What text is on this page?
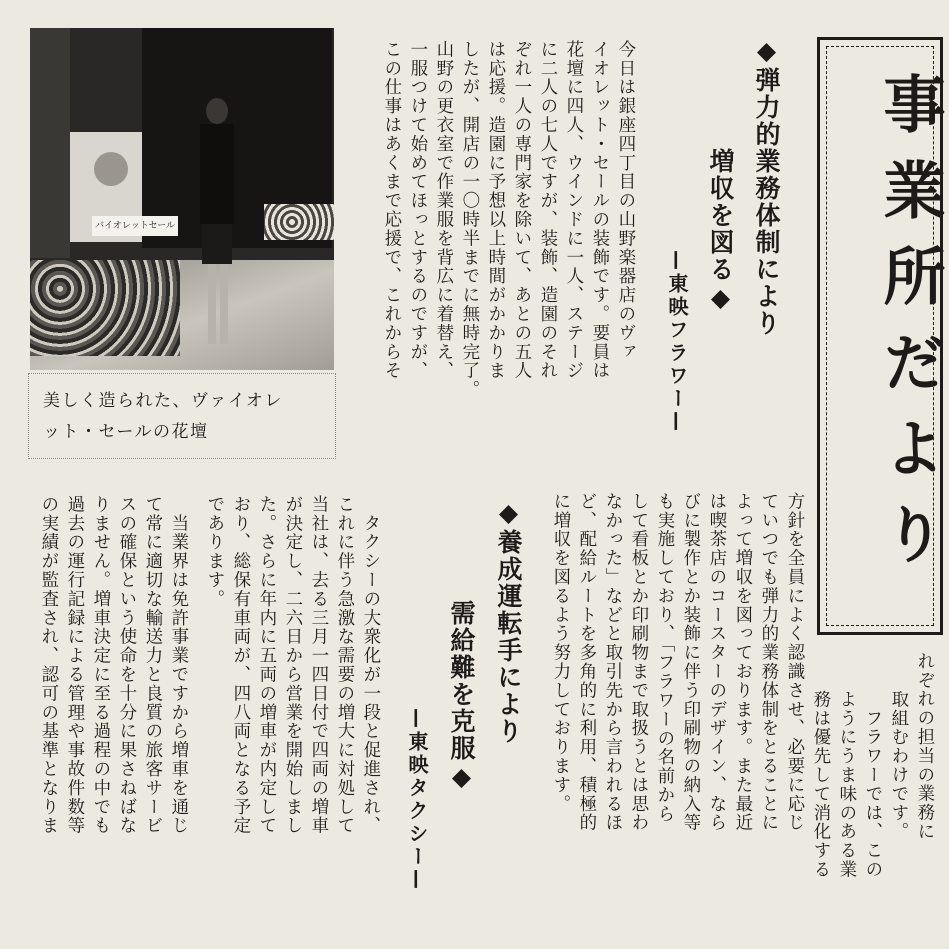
バイオレットセール

美しく造られた、ヴァイオレット・セールの花壇	事業所だより

◆弾力的業務体制により

増収を図る◆

—東映フラワー—

今日は銀座四丁目の山野楽器店のヴァ

イオレット・セールの装飾です。要員は

花壇に四人、ウインドに一人、ステージ

に二人の七人ですが、装飾、造園のそれ

ぞれ一人の専門家を除いて、あとの五人

は応援。造園に予想以上時間がかかりま

したが、開店の一〇時半までに無時完了。

山野の更衣室で作業服を背広に着替え、

一服つけて始めてほっとするのですが、

この仕事はあくまで応援で、これからそ

れぞれの担当の業務に

取組むわけです。

　フラワーでは、この

ようにうま味のある業

務は優先して消化する

方針を全員によく認識させ、必要に応じ

ていつでも弾力的業務体制をとることに

よって増収を図っております。また最近

は喫茶店のコースターのデザイン、なら

びに製作とか装飾に伴う印刷物の納入等

も実施しており、「フラワーの名前から

して看板とか印刷物まで取扱うとは思わ

なかった」などと取引先から言われるほ

ど、配給ルートを多角的に利用、積極的

に増収を図るよう努力しております。

◆養成運転手により

需給難を克服◆

—東映タクシー—

　タクシーの大衆化が一段と促進され、

これに伴う急激な需要の増大に対処して

当社は、去る三月一四日付で四両の増車

が決定し、二六日から営業を開始しまし

た。さらに年内に五両の増車が内定して

おり、総保有車両が、四八両となる予定

であります。

　当業界は免許事業ですから増車を通じ

て常に適切な輸送力と良質の旅客サービ

スの確保という使命を十分に果さねばな

りません。増車決定に至る過程の中でも

過去の運行記録による管理や事故件数等

の実績が監査され、認可の基準となりま
